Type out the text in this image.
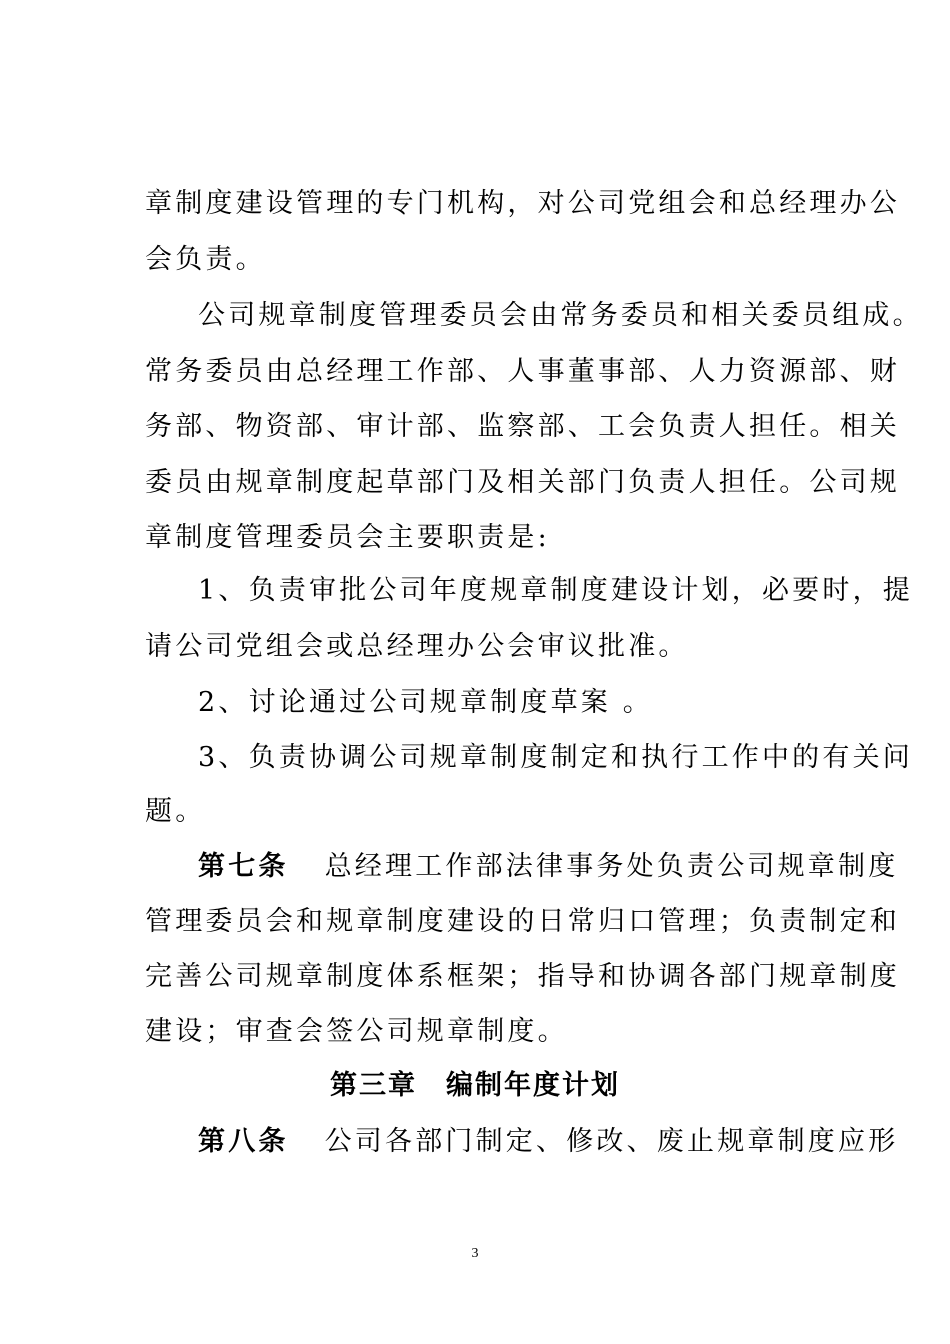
章制度建设管理的专门机构，对公司党组会和总经理办公
会负责。
公司规章制度管理委员会由常务委员和相关委员组成。
常务委员由总经理工作部、人事董事部、人力资源部、财
务部、物资部、审计部、监察部、工会负责人担任。相关
委员由规章制度起草部门及相关部门负责人担任。公司规
章制度管理委员会主要职责是:
1、负责审批公司年度规章制度建设计划，必要时，提
请公司党组会或总经理办公会审议批准。
2、讨论通过公司规章制度草案 。
3、负责协调公司规章制度制定和执行工作中的有关问
题。
第七条 总经理工作部法律事务处负责公司规章制度
管理委员会和规章制度建设的日常归口管理；负责制定和
完善公司规章制度体系框架；指导和协调各部门规章制度
建设；审查会签公司规章制度。
第三章　编制年度计划
第八条 公司各部门制定、修改、废止规章制度应形
3
